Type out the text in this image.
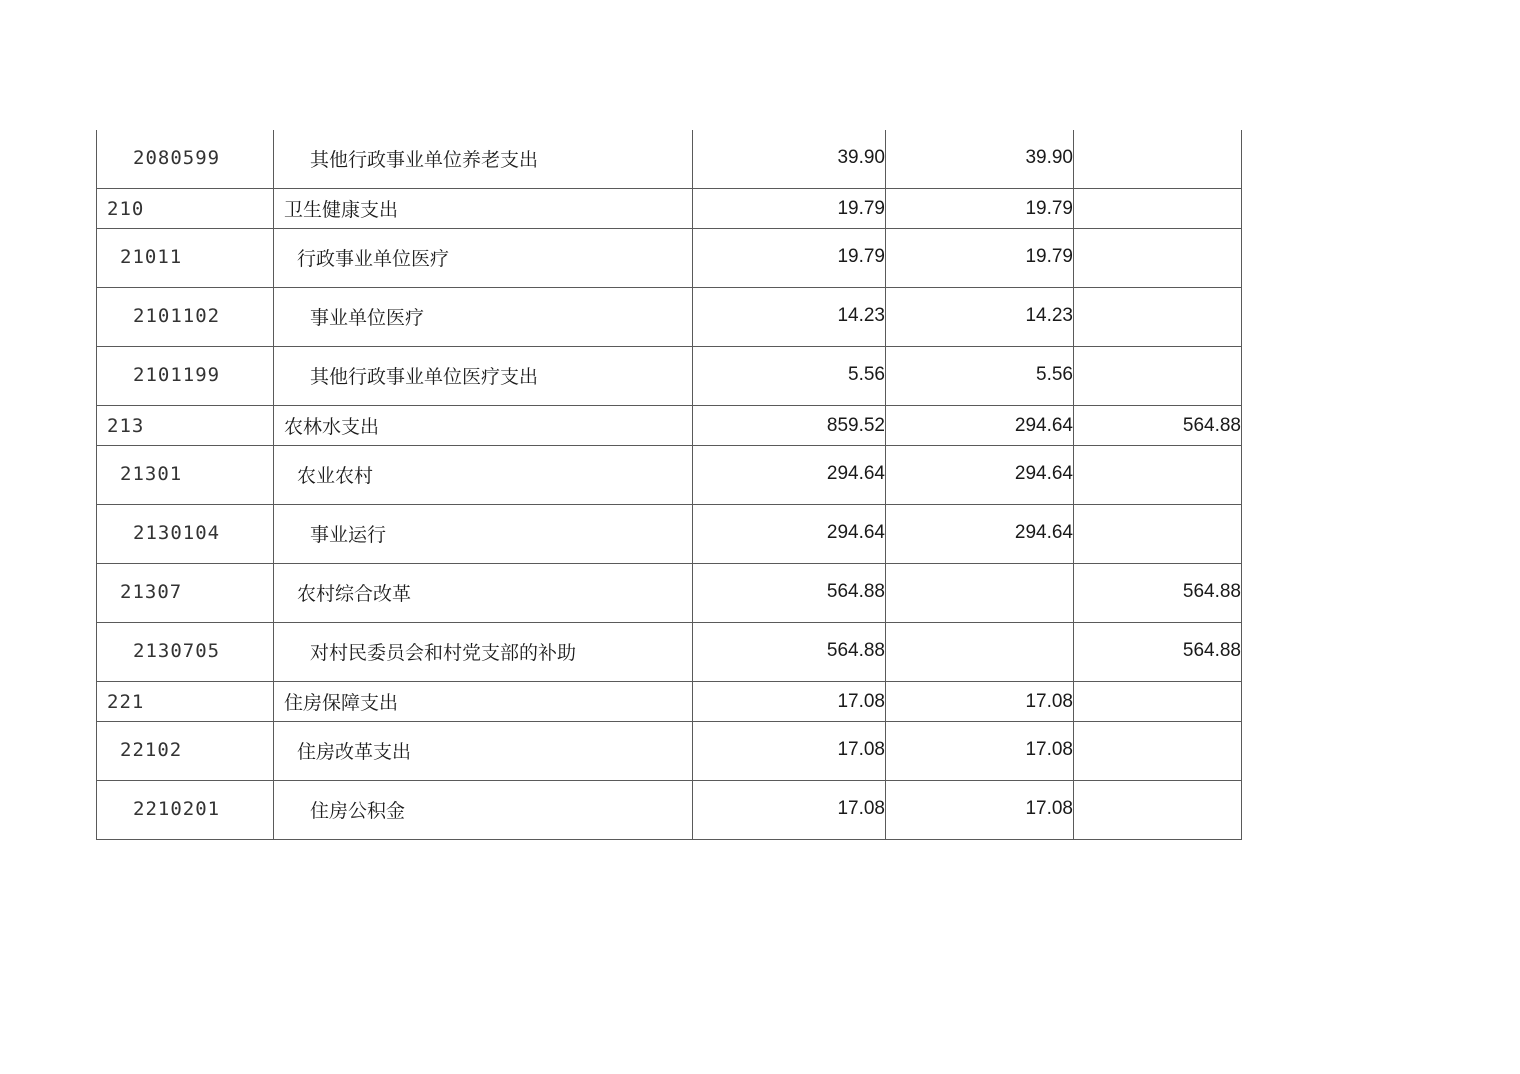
2080599	其他行政事业单位养老支出	39.90	39.90	
210	卫生健康支出	19.79	19.79	
21011	行政事业单位医疗	19.79	19.79	
2101102	事业单位医疗	14.23	14.23	
2101199	其他行政事业单位医疗支出	5.56	5.56	
213	农林水支出	859.52	294.64	564.88
21301	农业农村	294.64	294.64	
2130104	事业运行	294.64	294.64	
21307	农村综合改革	564.88		564.88
2130705	对村民委员会和村党支部的补助	564.88		564.88
221	住房保障支出	17.08	17.08	
22102	住房改革支出	17.08	17.08	
2210201	住房公积金	17.08	17.08	
